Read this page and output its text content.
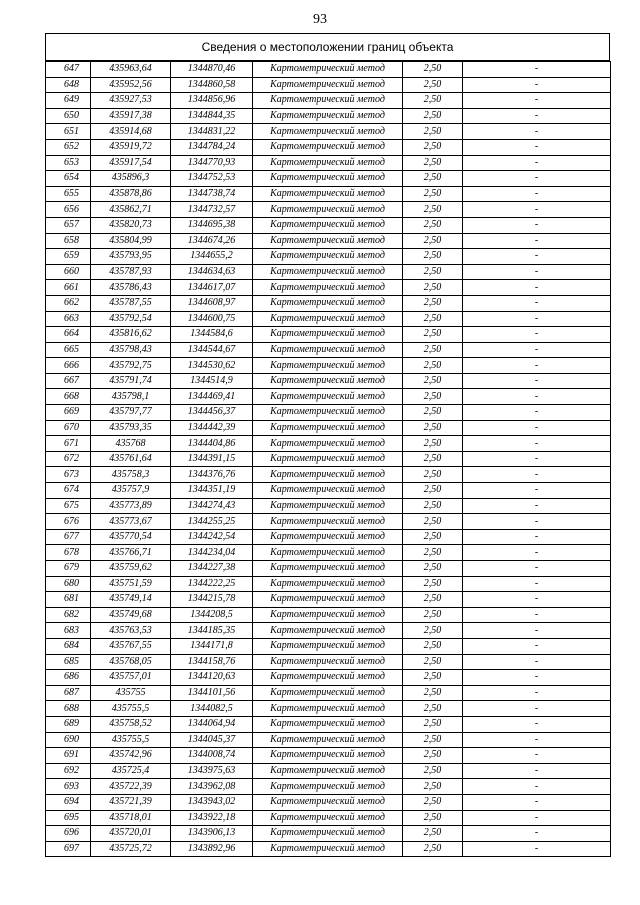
93
Сведения о местоположении границ объекта
647	435963,64	1344870,46	Картометрический метод	2,50	-
648	435952,56	1344860,58	Картометрический метод	2,50	-
649	435927,53	1344856,96	Картометрический метод	2,50	-
650	435917,38	1344844,35	Картометрический метод	2,50	-
651	435914,68	1344831,22	Картометрический метод	2,50	-
652	435919,72	1344784,24	Картометрический метод	2,50	-
653	435917,54	1344770,93	Картометрический метод	2,50	-
654	435896,3	1344752,53	Картометрический метод	2,50	-
655	435878,86	1344738,74	Картометрический метод	2,50	-
656	435862,71	1344732,57	Картометрический метод	2,50	-
657	435820,73	1344695,38	Картометрический метод	2,50	-
658	435804,99	1344674,26	Картометрический метод	2,50	-
659	435793,95	1344655,2	Картометрический метод	2,50	-
660	435787,93	1344634,63	Картометрический метод	2,50	-
661	435786,43	1344617,07	Картометрический метод	2,50	-
662	435787,55	1344608,97	Картометрический метод	2,50	-
663	435792,54	1344600,75	Картометрический метод	2,50	-
664	435816,62	1344584,6	Картометрический метод	2,50	-
665	435798,43	1344544,67	Картометрический метод	2,50	-
666	435792,75	1344530,62	Картометрический метод	2,50	-
667	435791,74	1344514,9	Картометрический метод	2,50	-
668	435798,1	1344469,41	Картометрический метод	2,50	-
669	435797,77	1344456,37	Картометрический метод	2,50	-
670	435793,35	1344442,39	Картометрический метод	2,50	-
671	435768	1344404,86	Картометрический метод	2,50	-
672	435761,64	1344391,15	Картометрический метод	2,50	-
673	435758,3	1344376,76	Картометрический метод	2,50	-
674	435757,9	1344351,19	Картометрический метод	2,50	-
675	435773,89	1344274,43	Картометрический метод	2,50	-
676	435773,67	1344255,25	Картометрический метод	2,50	-
677	435770,54	1344242,54	Картометрический метод	2,50	-
678	435766,71	1344234,04	Картометрический метод	2,50	-
679	435759,62	1344227,38	Картометрический метод	2,50	-
680	435751,59	1344222,25	Картометрический метод	2,50	-
681	435749,14	1344215,78	Картометрический метод	2,50	-
682	435749,68	1344208,5	Картометрический метод	2,50	-
683	435763,53	1344185,35	Картометрический метод	2,50	-
684	435767,55	1344171,8	Картометрический метод	2,50	-
685	435768,05	1344158,76	Картометрический метод	2,50	-
686	435757,01	1344120,63	Картометрический метод	2,50	-
687	435755	1344101,56	Картометрический метод	2,50	-
688	435755,5	1344082,5	Картометрический метод	2,50	-
689	435758,52	1344064,94	Картометрический метод	2,50	-
690	435755,5	1344045,37	Картометрический метод	2,50	-
691	435742,96	1344008,74	Картометрический метод	2,50	-
692	435725,4	1343975,63	Картометрический метод	2,50	-
693	435722,39	1343962,08	Картометрический метод	2,50	-
694	435721,39	1343943,02	Картометрический метод	2,50	-
695	435718,01	1343922,18	Картометрический метод	2,50	-
696	435720,01	1343906,13	Картометрический метод	2,50	-
697	435725,72	1343892,96	Картометрический метод	2,50	-
